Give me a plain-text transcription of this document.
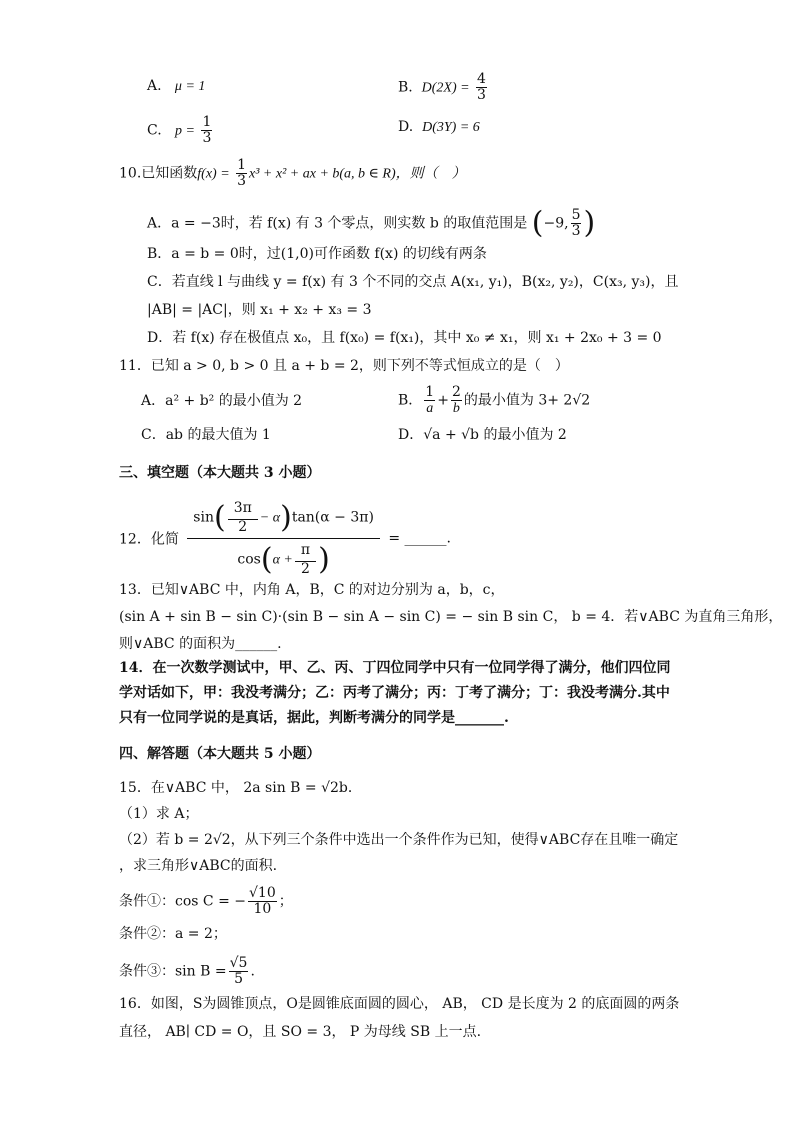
A. μ = 1	B. $D(2X) = \frac{4}{3}$
C. $p = \frac{1}{3}$	D. D(3Y) = 6
10.已知函数$f(x) = \frac{1}{3} x^3 + x^2$ + ax + b(a, b ∈ R)，则（　）
A．a = −3时，若 f(x) 有 3 个零点，则实数 b 的取值范围是 (−9, $\frac{5}{3}$ )
B．a = b = 0时，过(1,0)可作函数 f(x) 的切线有两条
C．若直线 l 与曲线 y = f(x) 有 3 个不同的交点 A(x₁, y₁)，B(x₂, y₂)，C(x₃, y₃)，且
|AB| = |AC|，则 x₁ + x₂ + x₃ = 3
D．若 f(x) 存在极值点 x₀，且 f(x₀) = f(x₁)，其中 x₀ ≠ x₁，则 x₁ + 2x₀ + 3 = 0
11．已知 a > 0, b > 0 且 a + b = 2，则下列不等式恒成立的是（　）
A．a² + b² 的最小值为 2	B． $\frac{1}{a} + \frac{2}{b}$ 的最小值为 3+ 2√2
C．ab 的最大值为 1	D．√a + √b 的最小值为 2
三、填空题（本大题共 3 小题）
12．化简 $\frac{\sin( \frac{3\pi}{2} - \alpha)\tan(\alpha - 3\pi)}{\cos(\alpha + \frac{\pi}{2} )}$ = ______.
13．已知∨ABC 中，内角 A，B，C 的对边分别为 a，b，c，
(sin A + sin B − sin C)·(sin B − sin A − sin C) = − sin B sin C， b = 4．若∨ABC 为直角三角形，
则∨ABC 的面积为______.
14．在一次数学测试中，甲、乙、丙、丁四位同学中只有一位同学得了满分，他们四位同
学对话如下，甲：我没考满分；乙：丙考了满分；丙：丁考了满分；丁：我没考满分.其中
只有一位同学说的是真话，据此，判断考满分的同学是_______.
四、解答题（本大题共 5 小题）
15．在∨ABC 中， 2a sin B = √2b．
（1）求 A；
（2）若 b = 2√2，从下列三个条件中选出一个条件作为已知，使得∨ABC存在且唯一确定
，求三角形∨ABC的面积.
条件①：cos C = − $\frac{√10}{10}$ ；
条件②：a = 2；
条件③：$\sin B = \frac{√5}{5}$ .
16．如图，S为圆锥顶点，O是圆锥底面圆的圆心， AB， CD 是长度为 2 的底面圆的两条
直径， AB∣ CD = O，且 SO = 3， P 为母线 SB 上一点.
